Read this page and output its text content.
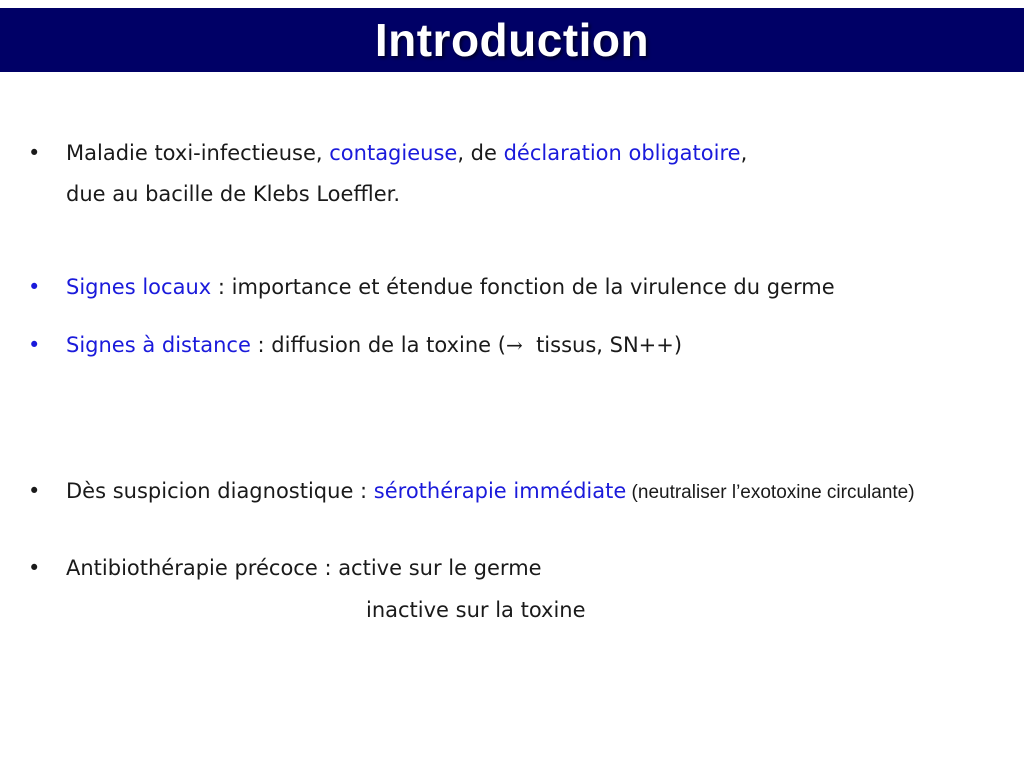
Introduction
• Maladie toxi-infectieuse, contagieuse, de déclaration obligatoire,
due au bacille de Klebs Loeffler.
• Signes locaux : importance et étendue fonction de la virulence du germe
• Signes à distance : diffusion de la toxine (→  tissus, SN++)
• Dès suspicion diagnostique : sérothérapie immédiate (neutraliser l’exotoxine circulante)
• Antibiothérapie précoce : active sur le germe
inactive sur la toxine
